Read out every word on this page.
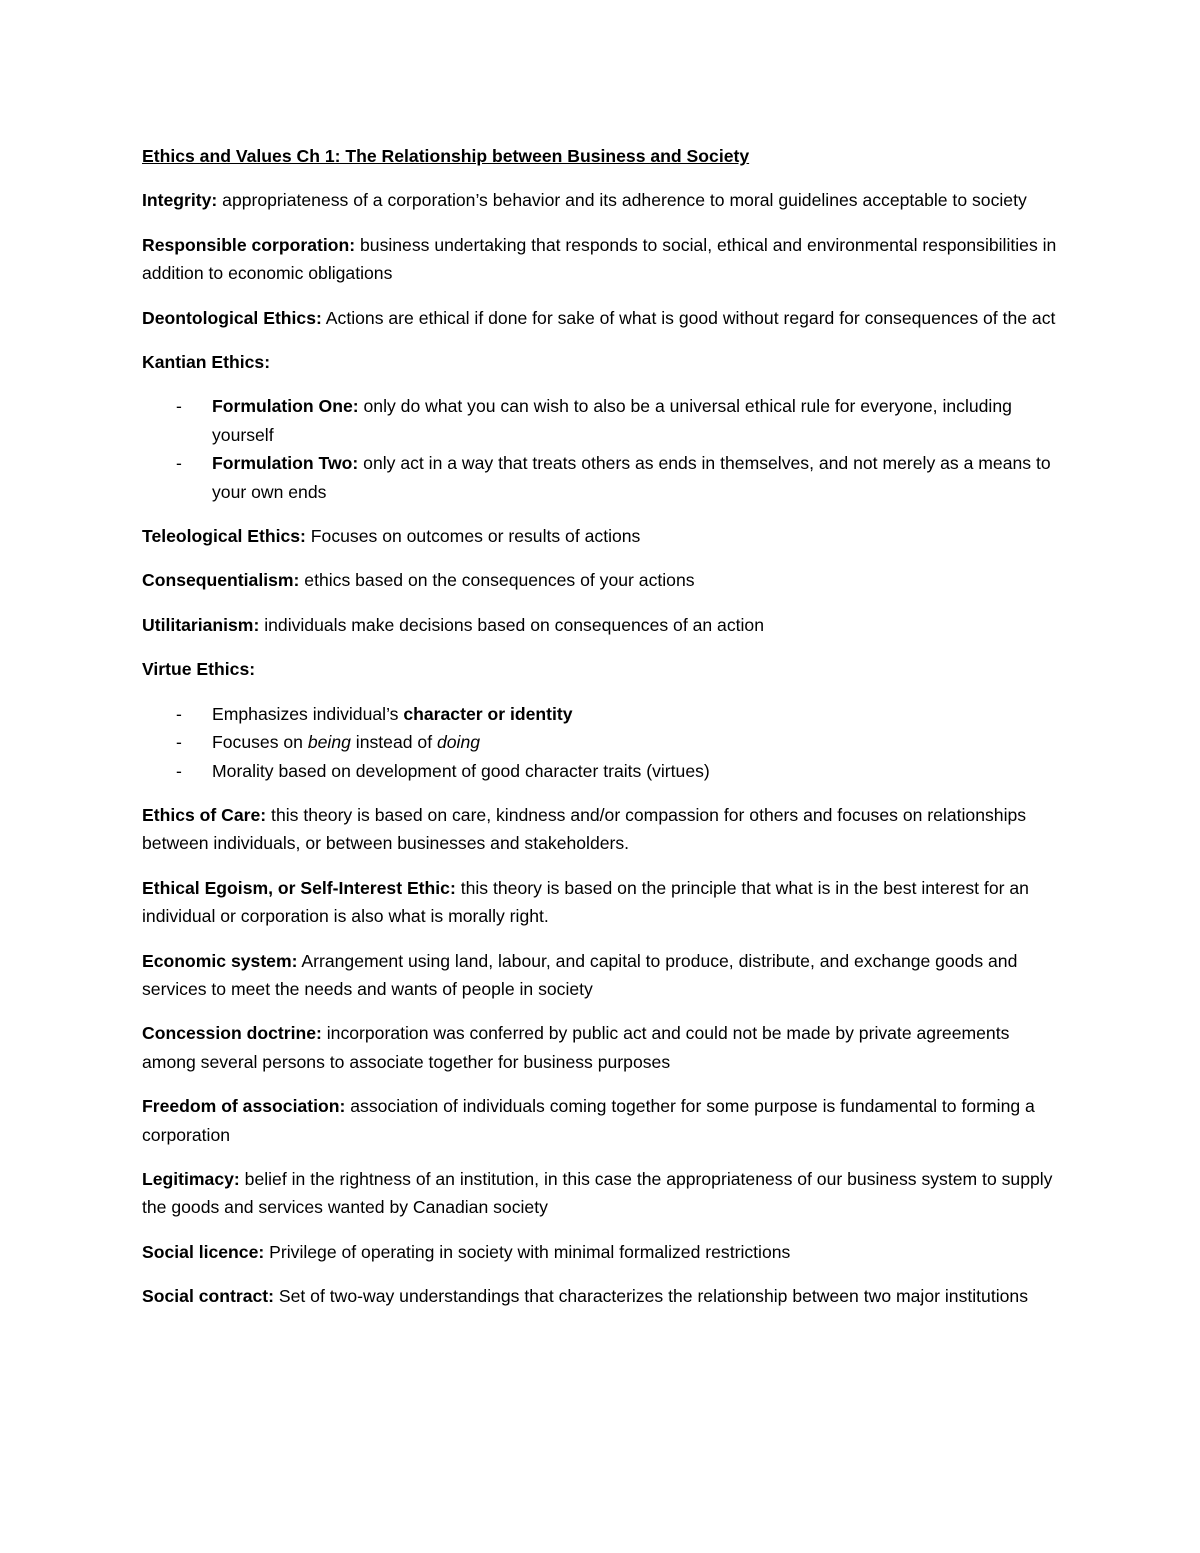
Ethics and Values Ch 1: The Relationship between Business and Society

Integrity: appropriateness of a corporation’s behavior and its adherence to moral guidelines acceptable to society

Responsible corporation: business undertaking that responds to social, ethical and environmental responsibilities in addition to economic obligations

Deontological Ethics: Actions are ethical if done for sake of what is good without regard for consequences of the act

Kantian Ethics:

- Formulation One: only do what you can wish to also be a universal ethical rule for everyone, including yourself
- Formulation Two: only act in a way that treats others as ends in themselves, and not merely as a means to your own ends

Teleological Ethics: Focuses on outcomes or results of actions

Consequentialism: ethics based on the consequences of your actions

Utilitarianism: individuals make decisions based on consequences of an action

Virtue Ethics:

- Emphasizes individual’s character or identity
- Focuses on being instead of doing
- Morality based on development of good character traits (virtues)

Ethics of Care: this theory is based on care, kindness and/or compassion for others and focuses on relationships between individuals, or between businesses and stakeholders.

Ethical Egoism, or Self-Interest Ethic: this theory is based on the principle that what is in the best interest for an individual or corporation is also what is morally right.

Economic system: Arrangement using land, labour, and capital to produce, distribute, and exchange goods and services to meet the needs and wants of people in society

Concession doctrine: incorporation was conferred by public act and could not be made by private agreements among several persons to associate together for business purposes

Freedom of association: association of individuals coming together for some purpose is fundamental to forming a corporation

Legitimacy: belief in the rightness of an institution, in this case the appropriateness of our business system to supply the goods and services wanted by Canadian society

Social licence: Privilege of operating in society with minimal formalized restrictions

Social contract: Set of two-way understandings that characterizes the relationship between two major institutions
